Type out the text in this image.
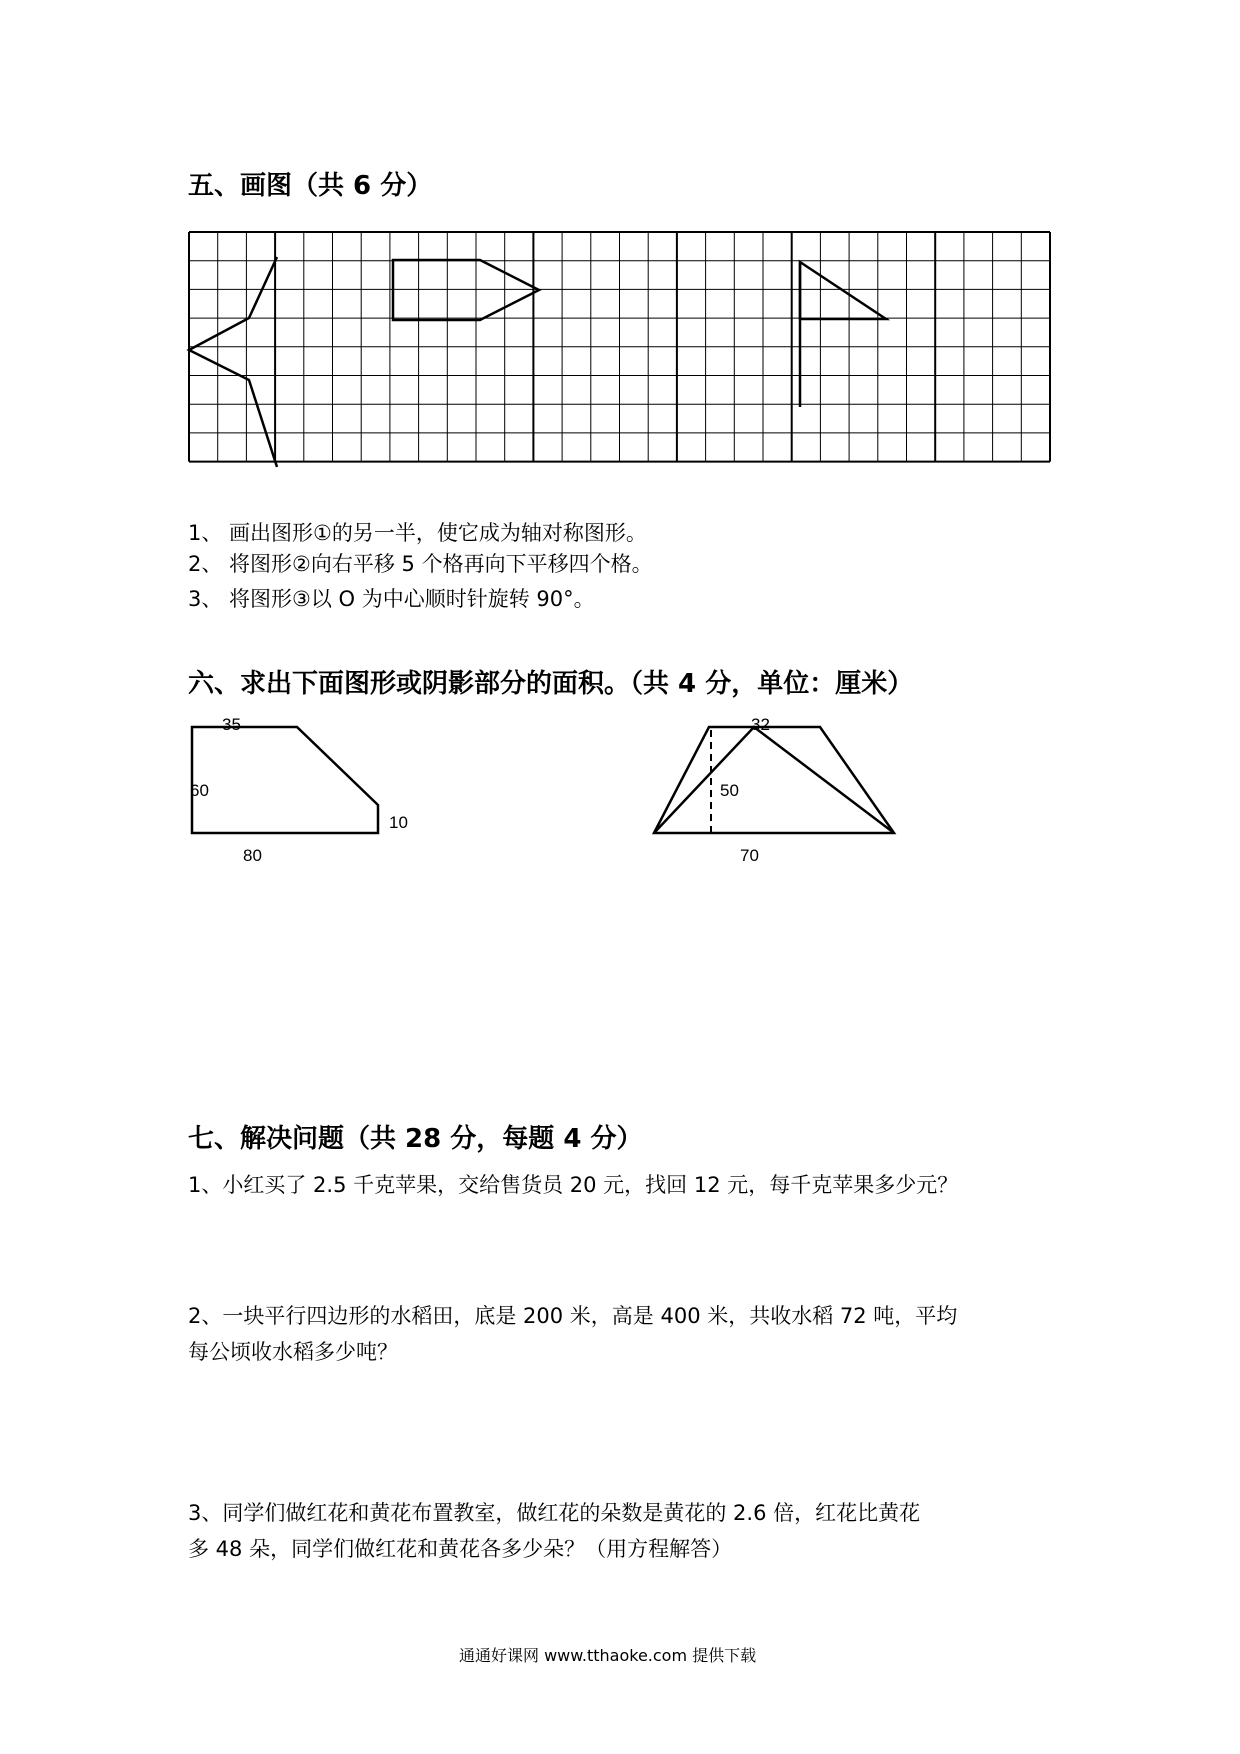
五、画图（共 6 分）
1、 画出图形①的另一半，使它成为轴对称图形。
2、 将图形②向右平移 5 个格再向下平移四个格。
3、 将图形③以 O 为中心顺时针旋转 90°。
六、求出下面图形或阴影部分的面积。（共 4 分，单位：厘米）
35
60
10
80
32
50
70
七、解决问题（共 28 分，每题 4 分）
1、小红买了 2.5 千克苹果，交给售货员 20 元，找回 12 元，每千克苹果多少元？
2、一块平行四边形的水稻田，底是 200 米，高是 400 米，共收水稻 72 吨，平均
每公顷收水稻多少吨？
3、同学们做红花和黄花布置教室，做红花的朵数是黄花的 2.6 倍，红花比黄花
多 48 朵，同学们做红花和黄花各多少朵？（用方程解答）
通通好课网 www.tthaoke.com 提供下载
